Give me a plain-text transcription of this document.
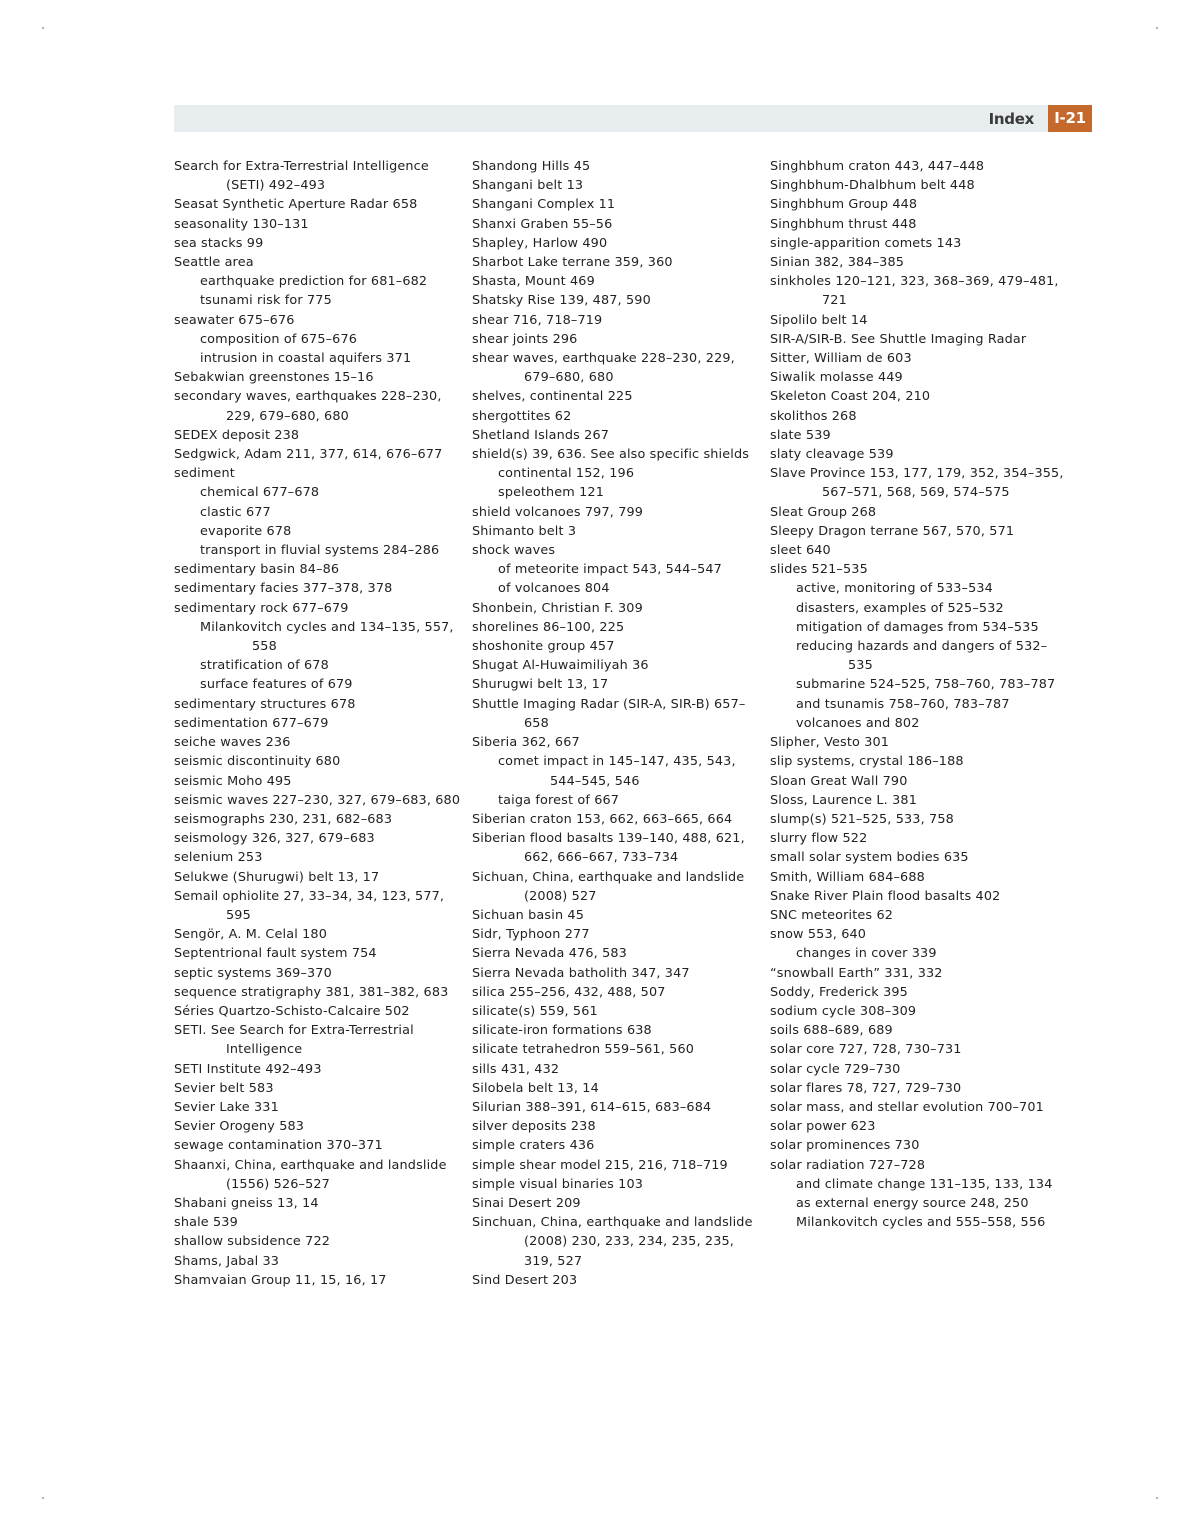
Index	I-21
Search for Extra-Terrestrial Intelligence (SETI) 492–493
Seasat Synthetic Aperture Radar 658
seasonality 130–131
sea stacks 99
Seattle area
earthquake prediction for 681–682
tsunami risk for 775
seawater 675–676
composition of 675–676
intrusion in coastal aquifers 371
Sebakwian greenstones 15–16
secondary waves, earthquakes 228–230, 229, 679–680, 680
SEDEX deposit 238
Sedgwick, Adam 211, 377, 614, 676–677
sediment
chemical 677–678
clastic 677
evaporite 678
transport in fluvial systems 284–286
sedimentary basin 84–86
sedimentary facies 377–378, 378
sedimentary rock 677–679
Milankovitch cycles and 134–135, 557, 558
stratification of 678
surface features of 679
sedimentary structures 678
sedimentation 677–679
seiche waves 236
seismic discontinuity 680
seismic Moho 495
seismic waves 227–230, 327, 679–683, 680
seismographs 230, 231, 682–683
seismology 326, 327, 679–683
selenium 253
Selukwe (Shurugwi) belt 13, 17
Semail ophiolite 27, 33–34, 34, 123, 577, 595
Sengör, A. M. Celal 180
Septentrional fault system 754
septic systems 369–370
sequence stratigraphy 381, 381–382, 683
Séries Quartzo-Schisto-Calcaire 502
SETI. See Search for Extra-Terrestrial Intelligence
SETI Institute 492–493
Sevier belt 583
Sevier Lake 331
Sevier Orogeny 583
sewage contamination 370–371
Shaanxi, China, earthquake and landslide (1556) 526–527
Shabani gneiss 13, 14
shale 539
shallow subsidence 722
Shams, Jabal 33
Shamvaian Group 11, 15, 16, 17
Shandong Hills 45
Shangani belt 13
Shangani Complex 11
Shanxi Graben 55–56
Shapley, Harlow 490
Sharbot Lake terrane 359, 360
Shasta, Mount 469
Shatsky Rise 139, 487, 590
shear 716, 718–719
shear joints 296
shear waves, earthquake 228–230, 229, 679–680, 680
shelves, continental 225
shergottites 62
Shetland Islands 267
shield(s) 39, 636. See also specific shields
continental 152, 196
speleothem 121
shield volcanoes 797, 799
Shimanto belt 3
shock waves
of meteorite impact 543, 544–547
of volcanoes 804
Shonbein, Christian F. 309
shorelines 86–100, 225
shoshonite group 457
Shugat Al-Huwaimiliyah 36
Shurugwi belt 13, 17
Shuttle Imaging Radar (SIR-A, SIR-B) 657–658
Siberia 362, 667
comet impact in 145–147, 435, 543, 544–545, 546
taiga forest of 667
Siberian craton 153, 662, 663–665, 664
Siberian flood basalts 139–140, 488, 621, 662, 666–667, 733–734
Sichuan, China, earthquake and landslide (2008) 527
Sichuan basin 45
Sidr, Typhoon 277
Sierra Nevada 476, 583
Sierra Nevada batholith 347, 347
silica 255–256, 432, 488, 507
silicate(s) 559, 561
silicate-iron formations 638
silicate tetrahedron 559–561, 560
sills 431, 432
Silobela belt 13, 14
Silurian 388–391, 614–615, 683–684
silver deposits 238
simple craters 436
simple shear model 215, 216, 718–719
simple visual binaries 103
Sinai Desert 209
Sinchuan, China, earthquake and landslide (2008) 230, 233, 234, 235, 235, 319, 527
Sind Desert 203
Singhbhum craton 443, 447–448
Singhbhum-Dhalbhum belt 448
Singhbhum Group 448
Singhbhum thrust 448
single-apparition comets 143
Sinian 382, 384–385
sinkholes 120–121, 323, 368–369, 479–481, 721
Sipolilo belt 14
SIR-A/SIR-B. See Shuttle Imaging Radar
Sitter, William de 603
Siwalik molasse 449
Skeleton Coast 204, 210
skolithos 268
slate 539
slaty cleavage 539
Slave Province 153, 177, 179, 352, 354–355, 567–571, 568, 569, 574–575
Sleat Group 268
Sleepy Dragon terrane 567, 570, 571
sleet 640
slides 521–535
active, monitoring of 533–534
disasters, examples of 525–532
mitigation of damages from 534–535
reducing hazards and dangers of 532–535
submarine 524–525, 758–760, 783–787
and tsunamis 758–760, 783–787
volcanoes and 802
Slipher, Vesto 301
slip systems, crystal 186–188
Sloan Great Wall 790
Sloss, Laurence L. 381
slump(s) 521–525, 533, 758
slurry flow 522
small solar system bodies 635
Smith, William 684–688
Snake River Plain flood basalts 402
SNC meteorites 62
snow 553, 640
changes in cover 339
“snowball Earth” 331, 332
Soddy, Frederick 395
sodium cycle 308–309
soils 688–689, 689
solar core 727, 728, 730–731
solar cycle 729–730
solar flares 78, 727, 729–730
solar mass, and stellar evolution 700–701
solar power 623
solar prominences 730
solar radiation 727–728
and climate change 131–135, 133, 134
as external energy source 248, 250
Milankovitch cycles and 555–558, 556
